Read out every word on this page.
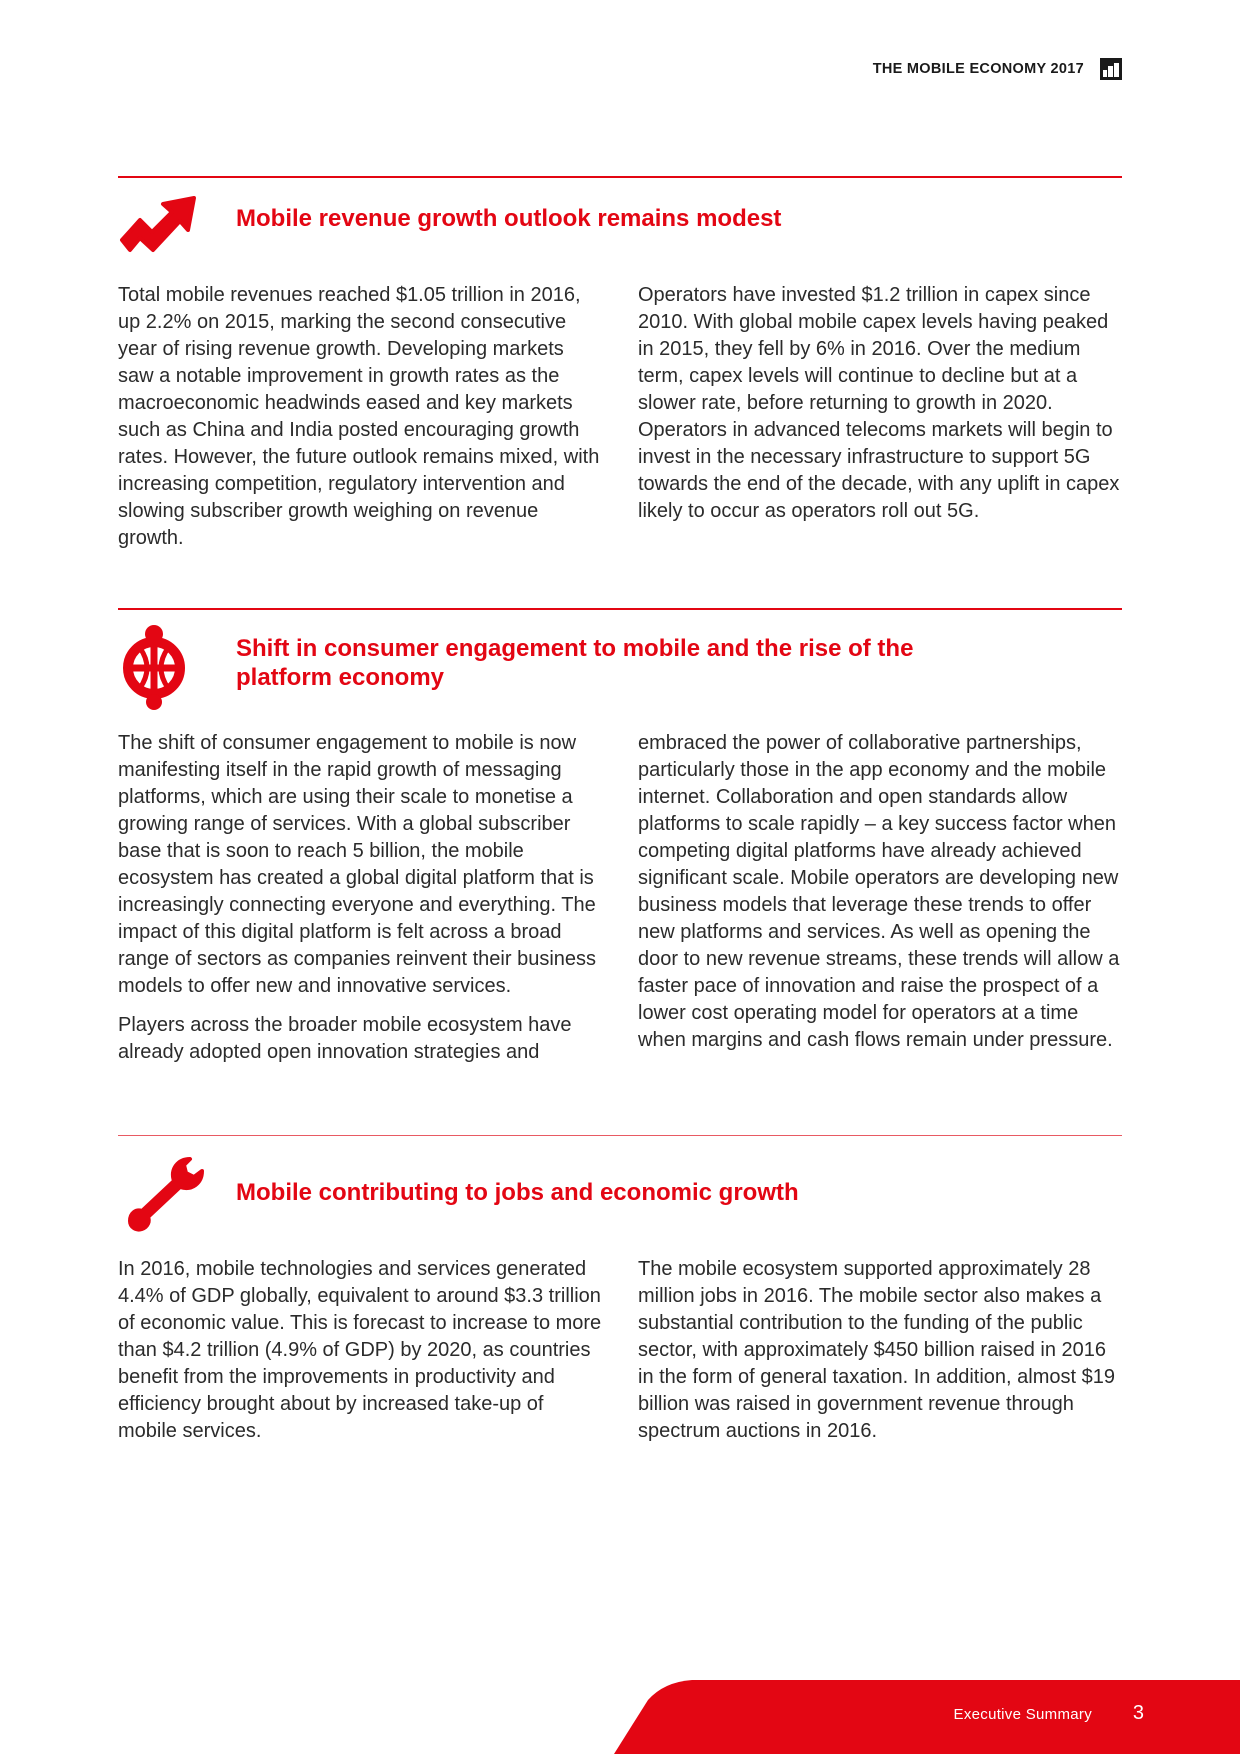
THE MOBILE ECONOMY 2017
Mobile revenue growth outlook remains modest

Total mobile revenues reached $1.05 trillion in 2016, up 2.2% on 2015, marking the second consecutive year of rising revenue growth. Developing markets saw a notable improvement in growth rates as the macroeconomic headwinds eased and key markets such as China and India posted encouraging growth rates. However, the future outlook remains mixed, with increasing competition, regulatory intervention and slowing subscriber growth weighing on revenue growth.

Operators have invested $1.2 trillion in capex since 2010. With global mobile capex levels having peaked in 2015, they fell by 6% in 2016. Over the medium term, capex levels will continue to decline but at a slower rate, before returning to growth in 2020. Operators in advanced telecoms markets will begin to invest in the necessary infrastructure to support 5G towards the end of the decade, with any uplift in capex likely to occur as operators roll out 5G.

Shift in consumer engagement to mobile and the rise of the platform economy

The shift of consumer engagement to mobile is now manifesting itself in the rapid growth of messaging platforms, which are using their scale to monetise a growing range of services. With a global subscriber base that is soon to reach 5 billion, the mobile ecosystem has created a global digital platform that is increasingly connecting everyone and everything. The impact of this digital platform is felt across a broad range of sectors as companies reinvent their business models to offer new and innovative services.

Players across the broader mobile ecosystem have already adopted open innovation strategies and

embraced the power of collaborative partnerships, particularly those in the app economy and the mobile internet. Collaboration and open standards allow platforms to scale rapidly – a key success factor when competing digital platforms have already achieved significant scale. Mobile operators are developing new business models that leverage these trends to offer new platforms and services. As well as opening the door to new revenue streams, these trends will allow a faster pace of innovation and raise the prospect of a lower cost operating model for operators at a time when margins and cash flows remain under pressure.

Mobile contributing to jobs and economic growth

In 2016, mobile technologies and services generated 4.4% of GDP globally, equivalent to around $3.3 trillion of economic value. This is forecast to increase to more than $4.2 trillion (4.9% of GDP) by 2020, as countries benefit from the improvements in productivity and efficiency brought about by increased take-up of mobile services.

The mobile ecosystem supported approximately 28 million jobs in 2016. The mobile sector also makes a substantial contribution to the funding of the public sector, with approximately $450 billion raised in 2016 in the form of general taxation. In addition, almost $19 billion was raised in government revenue through spectrum auctions in 2016.

Executive Summary 3
